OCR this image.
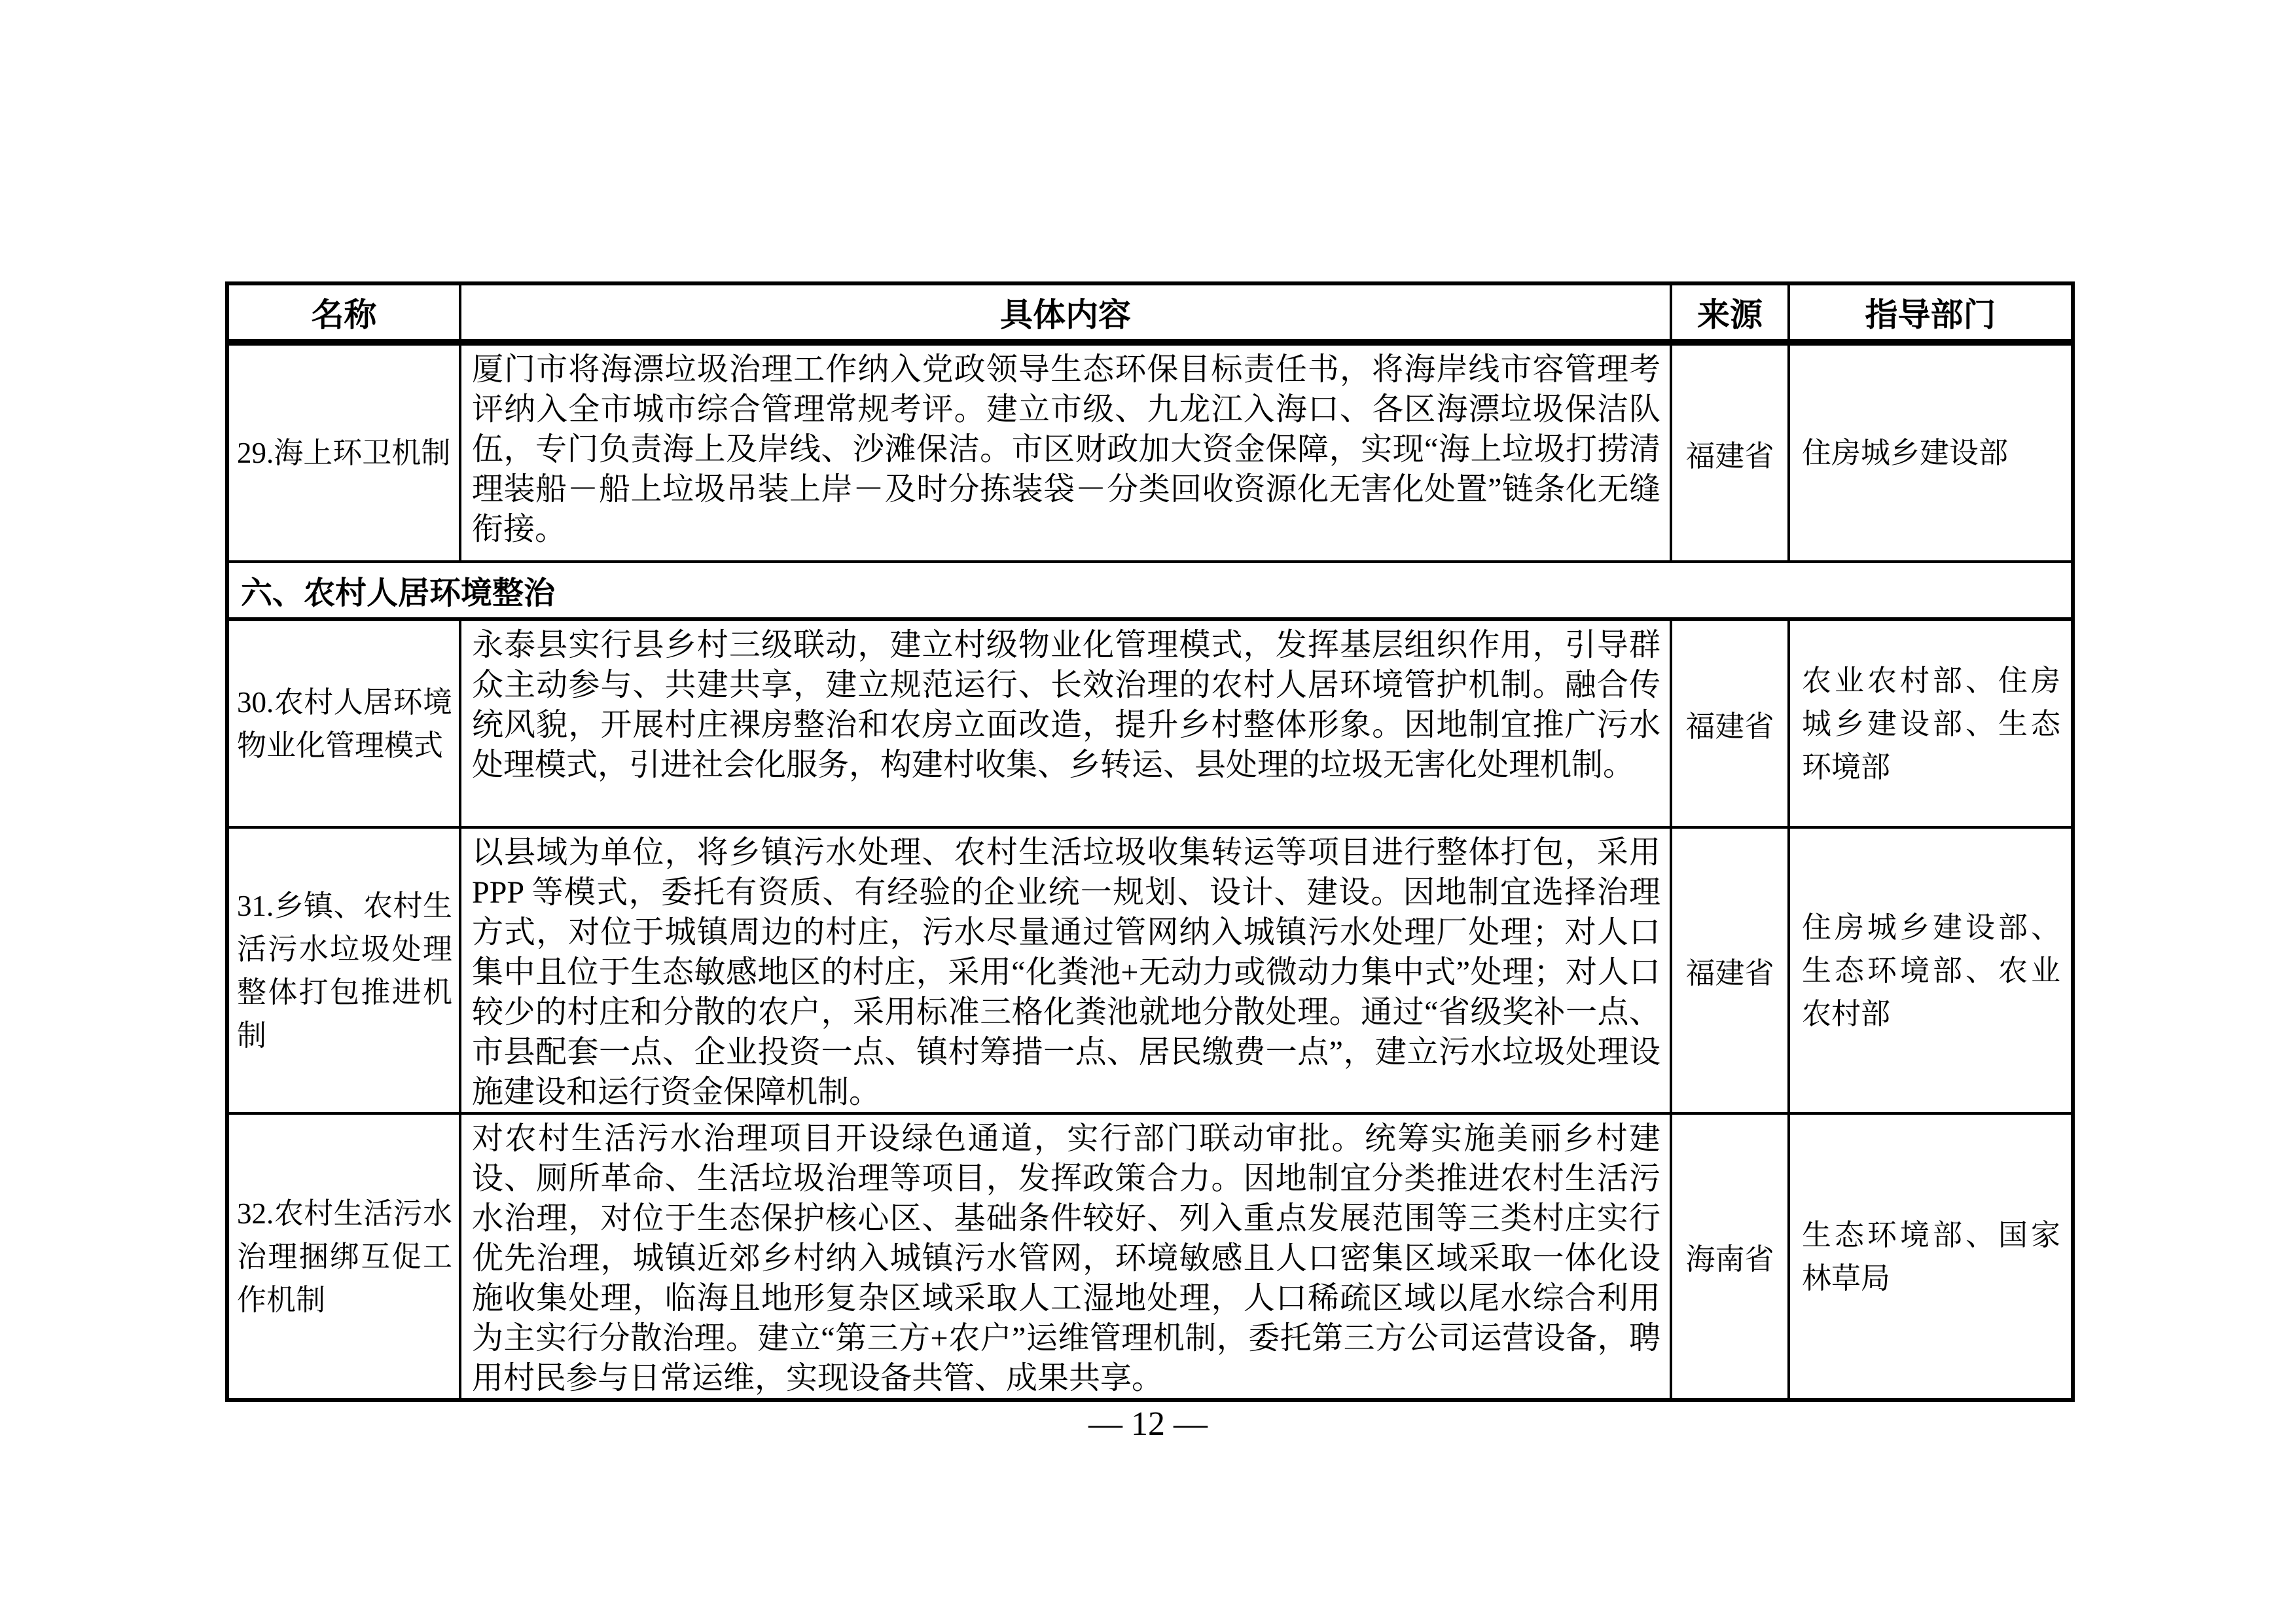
名称	具体内容	来源	指导部门
29.海上环卫机制	厦门市将海漂垃圾治理工作纳入党政领导生态环保目标责任书，将海岸线市容管理考评纳入全市城市综合管理常规考评。建立市级、九龙江入海口、各区海漂垃圾保洁队伍，专门负责海上及岸线、沙滩保洁。市区财政加大资金保障，实现“海上垃圾打捞清理装船－船上垃圾吊装上岸－及时分拣装袋－分类回收资源化无害化处置”链条化无缝衔接。	福建省	住房城乡建设部
六、农村人居环境整治			
30.农村人居环境物业化管理模式	永泰县实行县乡村三级联动，建立村级物业化管理模式，发挥基层组织作用，引导群众主动参与、共建共享，建立规范运行、长效治理的农村人居环境管护机制。融合传统风貌，开展村庄裸房整治和农房立面改造，提升乡村整体形象。因地制宜推广污水处理模式，引进社会化服务，构建村收集、乡转运、县处理的垃圾无害化处理机制。	福建省	农业农村部、住房城乡建设部、生态环境部
31.乡镇、农村生活污水垃圾处理整体打包推进机制	以县域为单位，将乡镇污水处理、农村生活垃圾收集转运等项目进行整体打包，采用 PPP 等模式，委托有资质、有经验的企业统一规划、设计、建设。因地制宜选择治理方式，对位于城镇周边的村庄，污水尽量通过管网纳入城镇污水处理厂处理；对人口集中且位于生态敏感地区的村庄，采用“化粪池+无动力或微动力集中式”处理；对人口较少的村庄和分散的农户，采用标准三格化粪池就地分散处理。通过“省级奖补一点、市县配套一点、企业投资一点、镇村筹措一点、居民缴费一点”，建立污水垃圾处理设施建设和运行资金保障机制。	福建省	住房城乡建设部、生态环境部、农业农村部
32.农村生活污水治理捆绑互促工作机制	对农村生活污水治理项目开设绿色通道，实行部门联动审批。统筹实施美丽乡村建设、厕所革命、生活垃圾治理等项目，发挥政策合力。因地制宜分类推进农村生活污水治理，对位于生态保护核心区、基础条件较好、列入重点发展范围等三类村庄实行优先治理，城镇近郊乡村纳入城镇污水管网，环境敏感且人口密集区域采取一体化设施收集处理，临海且地形复杂区域采取人工湿地处理，人口稀疏区域以尾水综合利用为主实行分散治理。建立“第三方+农户”运维管理机制，委托第三方公司运营设备，聘用村民参与日常运维，实现设备共管、成果共享。	海南省	生态环境部、国家林草局
— 12 —
